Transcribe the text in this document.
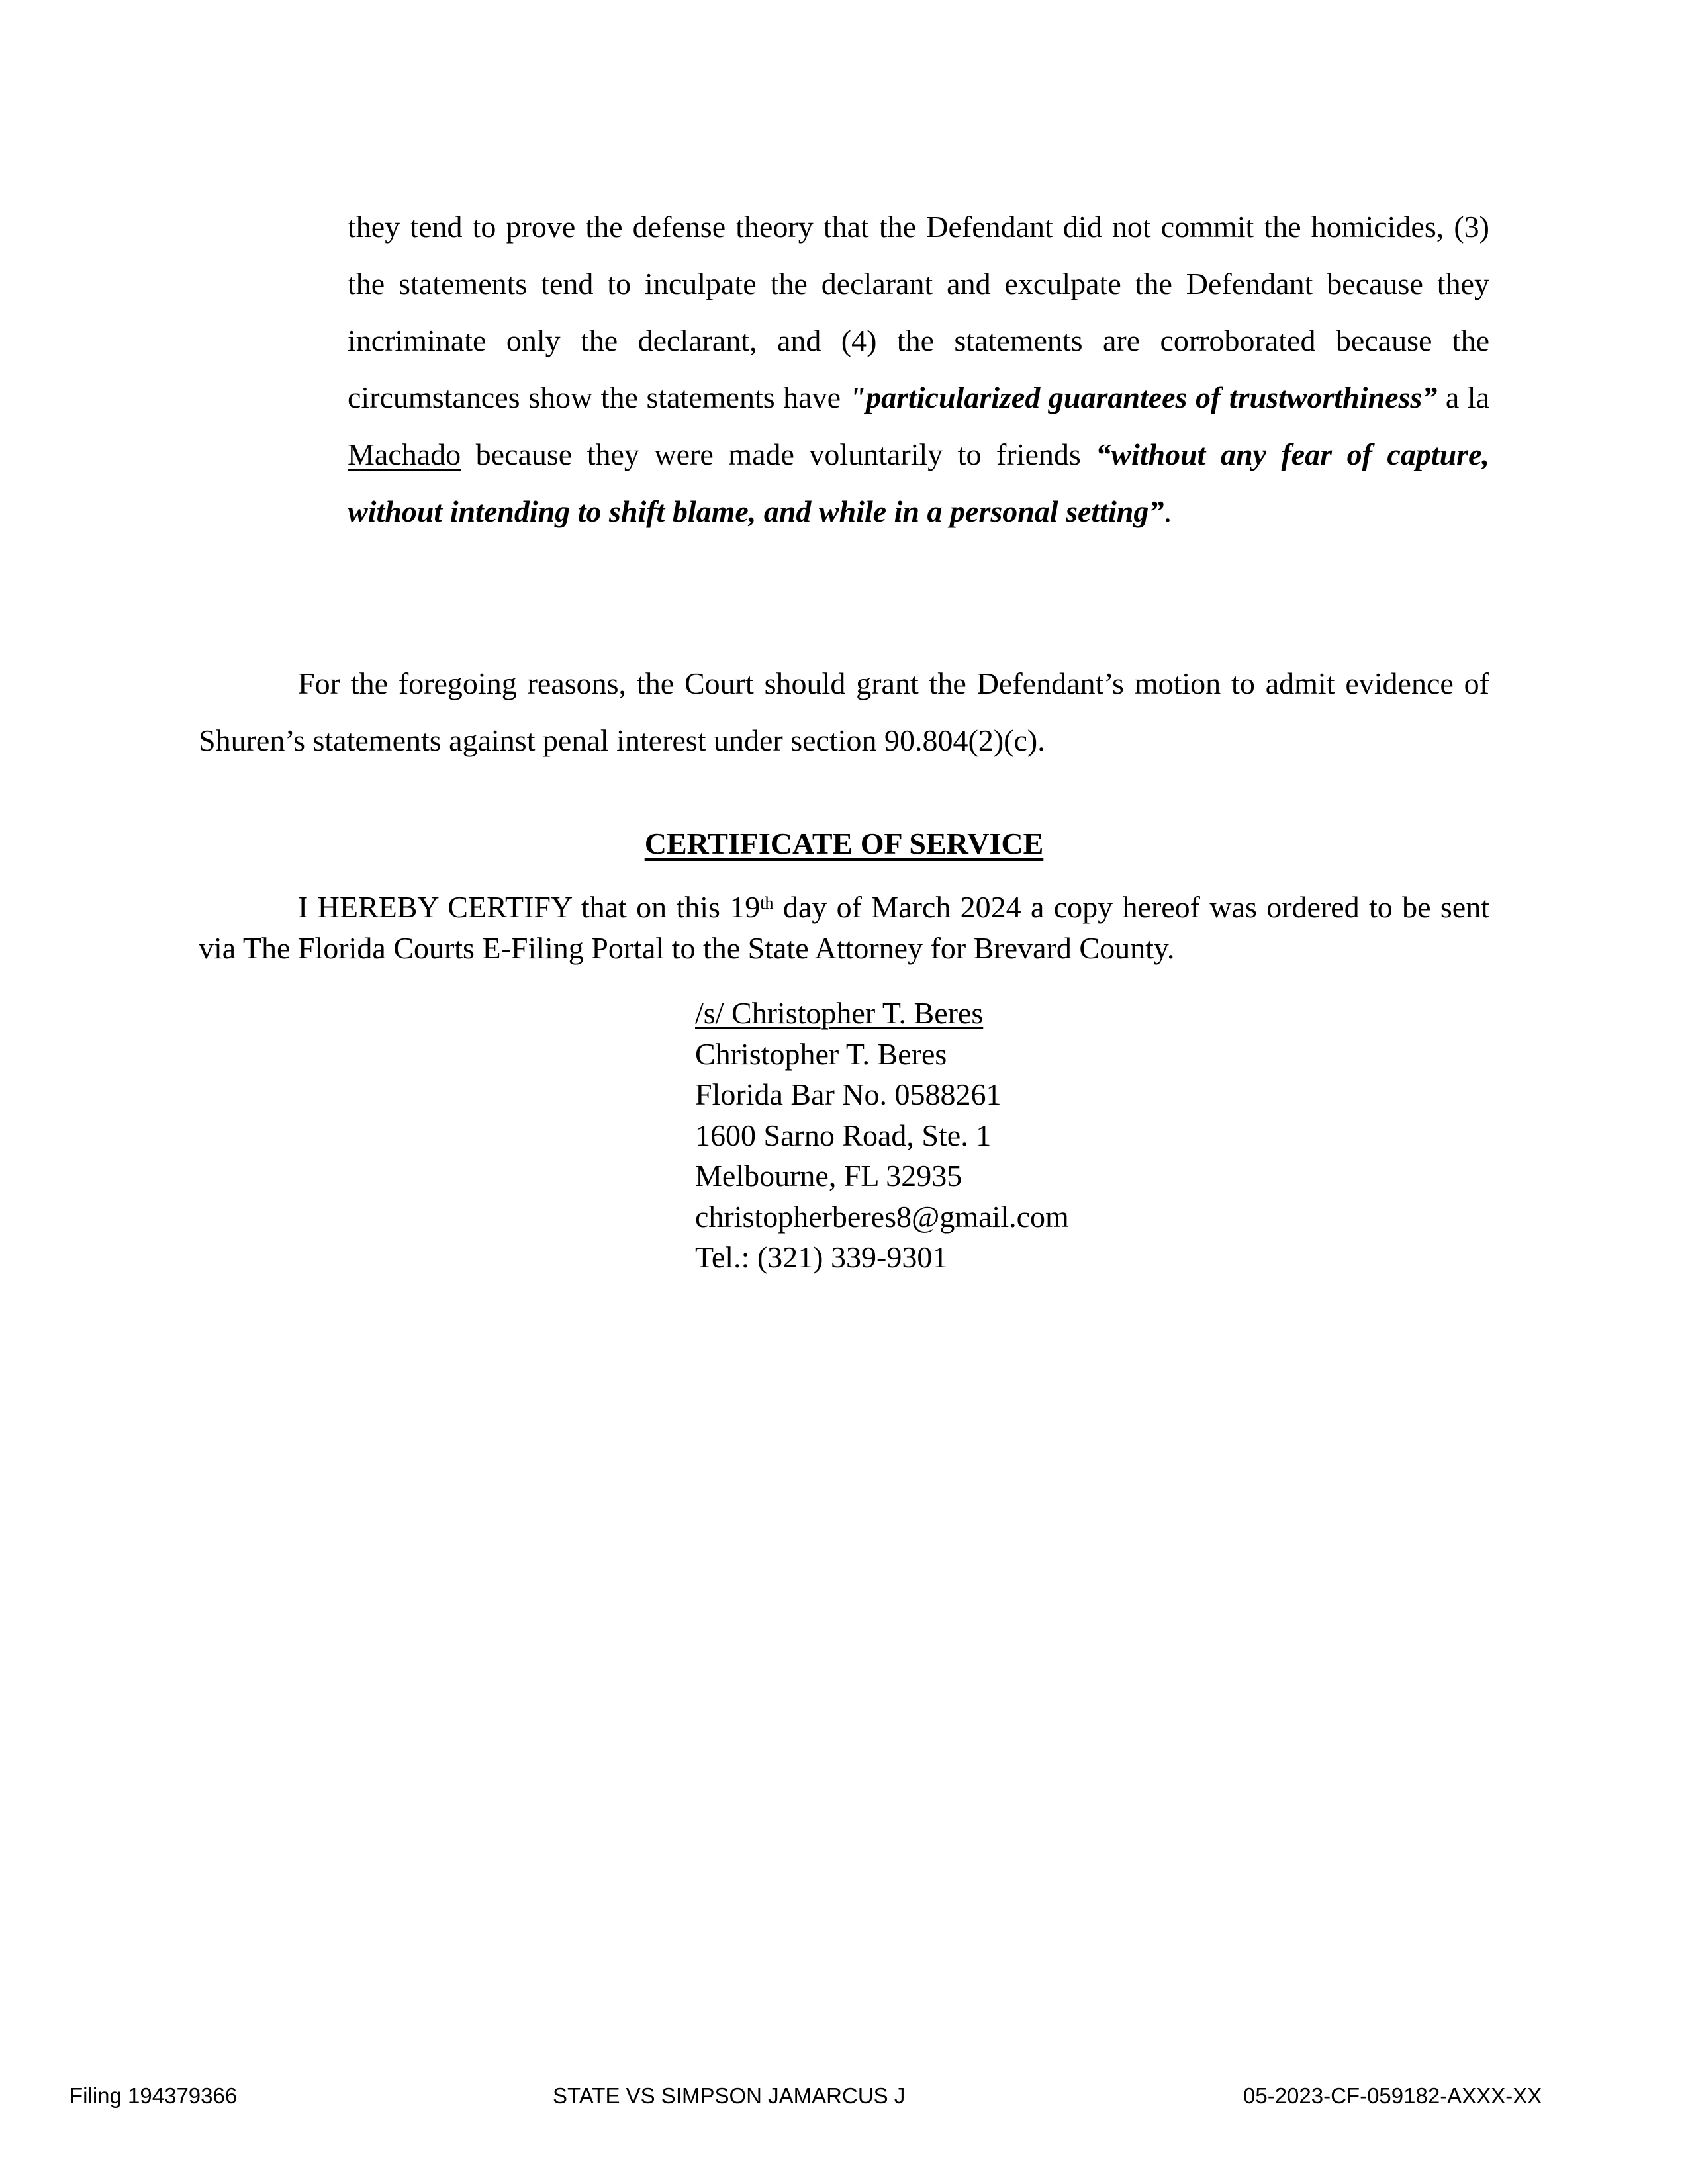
they tend to prove the defense theory that the Defendant did not commit the homicides, (3) the statements tend to inculpate the declarant and exculpate the Defendant because they incriminate only the declarant, and (4) the statements are corroborated because the circumstances show the statements have "particularized guarantees of trustworthiness” a la Machado because they were made voluntarily to friends “without any fear of capture, without intending to shift blame, and while in a personal setting”.
For the foregoing reasons, the Court should grant the Defendant’s motion to admit evidence of Shuren’s statements against penal interest under section 90.804(2)(c).
CERTIFICATE OF SERVICE
I HEREBY CERTIFY that on this 19th day of March 2024 a copy hereof was ordered to be sent via The Florida Courts E-Filing Portal to the State Attorney for Brevard County.
/s/ Christopher T. Beres
Christopher T. Beres
Florida Bar No. 0588261
1600 Sarno Road, Ste. 1
Melbourne, FL 32935
christopherberes8@gmail.com
Tel.: (321) 339-9301
Filing 194379366	STATE VS SIMPSON JAMARCUS J	05-2023-CF-059182-AXXX-XX
